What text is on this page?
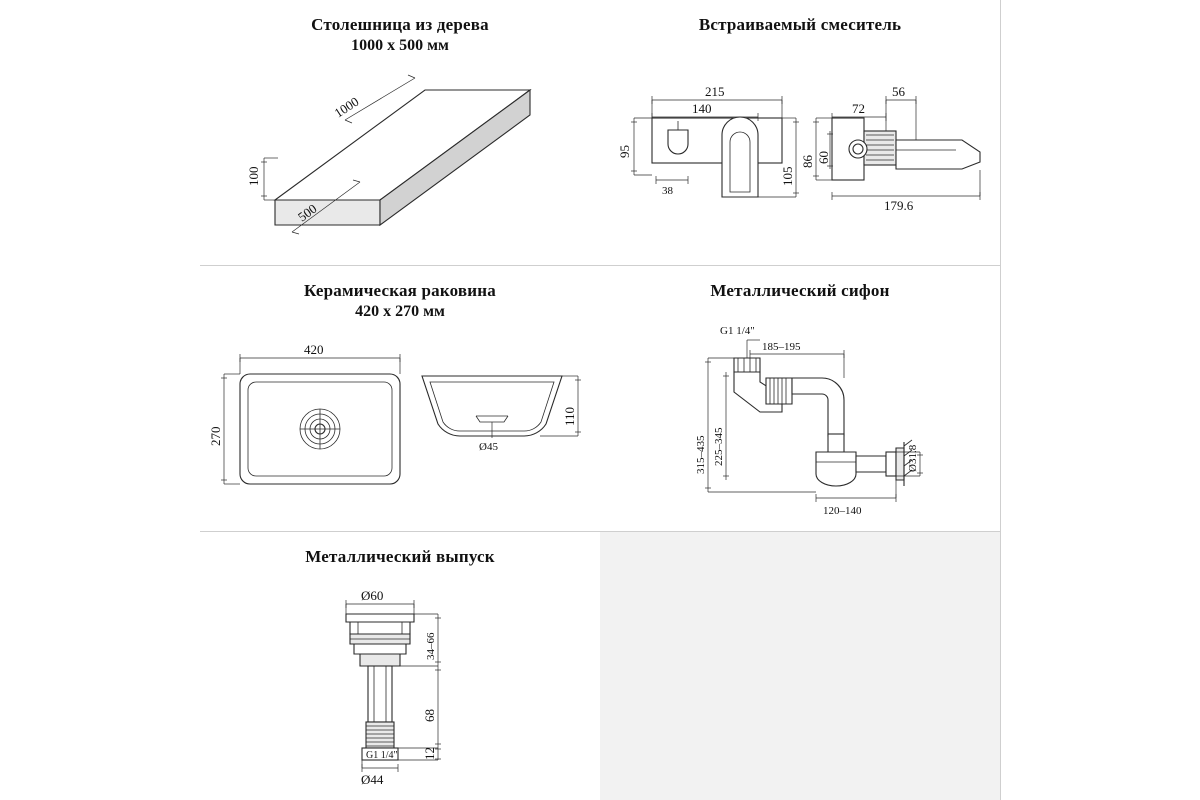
Столешница из дерева
1000 x 500 мм
1000
100
500
Встраиваемый смеситель
215
140
95
38
105
56
72
86 60
179.6
Керамическая раковина
420 x 270 мм
420
270
Ø45
110
Металлический сифон
G1 1/4"
185–195
315–435 225–345	Ø31.8
120–140
Металлический выпуск
Ø60
34–66
68
12
G1 1/4"
Ø44
